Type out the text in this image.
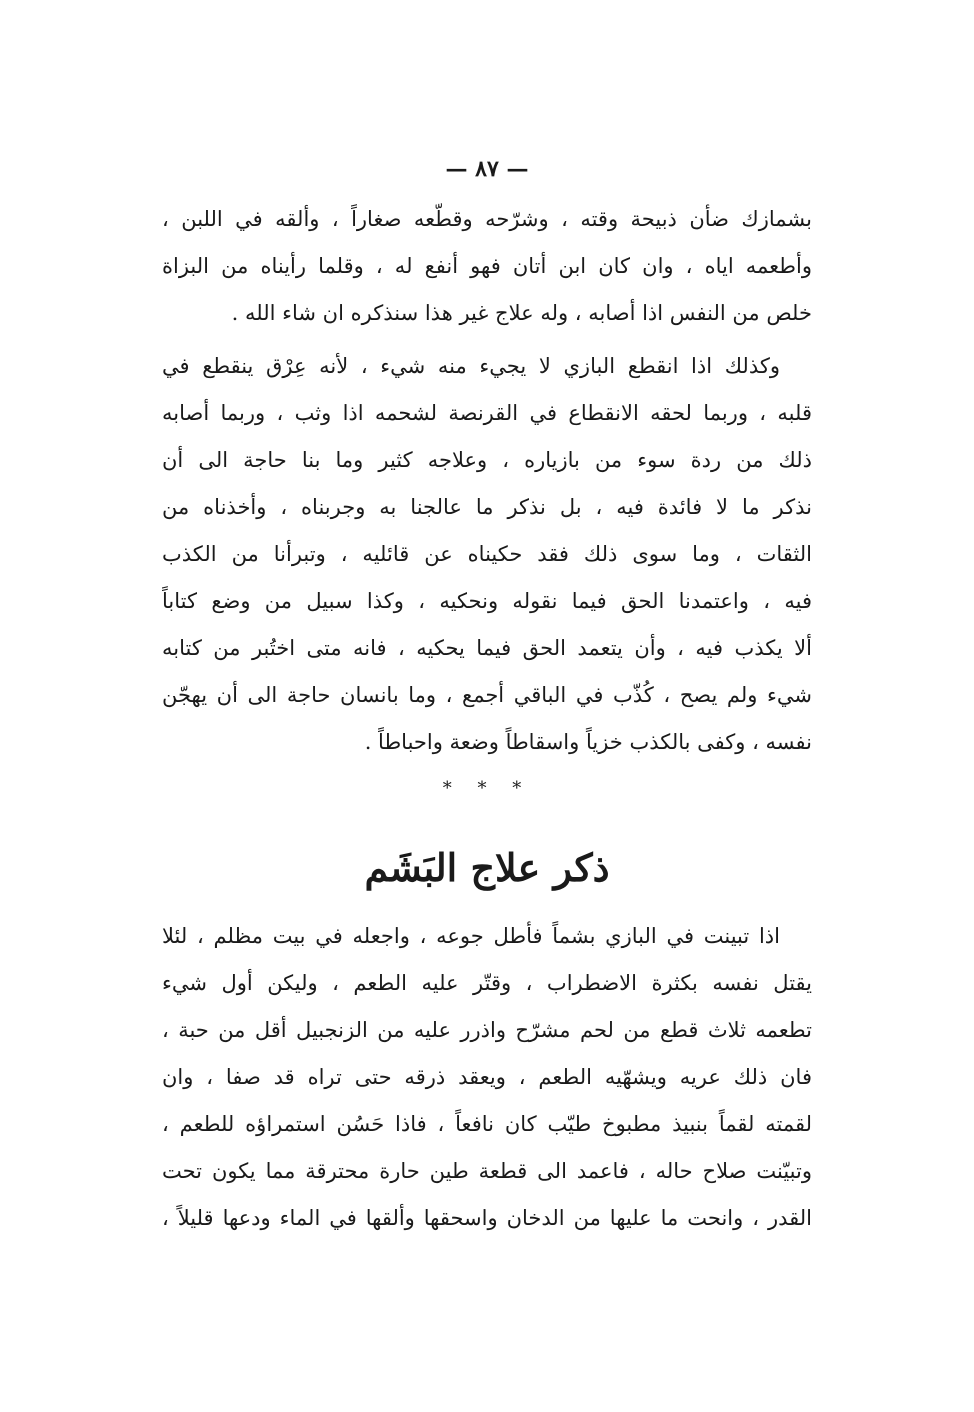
— ٨٧ —
بشمازك ضأن ذبيحة وقته ، وشرّحه وقطّعه صغاراً ، وألقه في اللبن ،
وأطعمه اياه ، وان كان ابن أتان فهو أنفع له ، وقلما رأيناه من البزاة
خلص من النفس اذا أصابه ، وله علاج غير هذا سنذكره ان شاء الله .
وكذلك اذا انقطع البازي لا يجيء منه شيء ، لأنه عِرْق ينقطع في
قلبه ، وربما لحقه الانقطاع في القرنصة لشحمه اذا وثب ، وربما أصابه
ذلك من ردة سوء من بازياره ، وعلاجه كثير وما بنا حاجة الى أن
نذكر ما لا فائدة فيه ، بل نذكر ما عالجنا به وجربناه ، وأخذناه من
الثقات ، وما سوى ذلك فقد حكيناه عن قائليه ، وتبرأنا من الكذب
فيه ، واعتمدنا الحق فيما نقوله ونحكيه ، وكذا سبيل من وضع كتاباً
ألا يكذب فيه ، وأن يتعمد الحق فيما يحكيه ، فانه متى اختُبر من كتابه
شيء ولم يصح ، كُذّب في الباقي أجمع ، وما بانسان حاجة الى أن يهجّن
نفسه ، وكفى بالكذب خزياً واسقاطاً وضعة واحباطاً .
* * *
ذكر علاج البَشَم
اذا تبينت في البازي بشماً فأطل جوعه ، واجعله في بيت مظلم ، لئلا
يقتل نفسه بكثرة الاضطراب ، وقتّر عليه الطعم ، وليكن أول شيء
تطعمه ثلاث قطع من لحم مشرّح واذرر عليه من الزنجبيل أقل من حبة ،
فان ذلك عريه ويشهّيه الطعم ، ويعقد ذرقه حتى تراه قد صفا ، وان
لقمته لقماً بنبيذ مطبوخ طيّب كان نافعاً ، فاذا حَسُن استمراؤه للطعم ،
وتبيّنت صلاح حاله ، فاعمد الى قطعة طين حارة محترقة مما يكون تحت
القدر ، وانحت ما عليها من الدخان واسحقها وألقها في الماء ودعها قليلاً ،
